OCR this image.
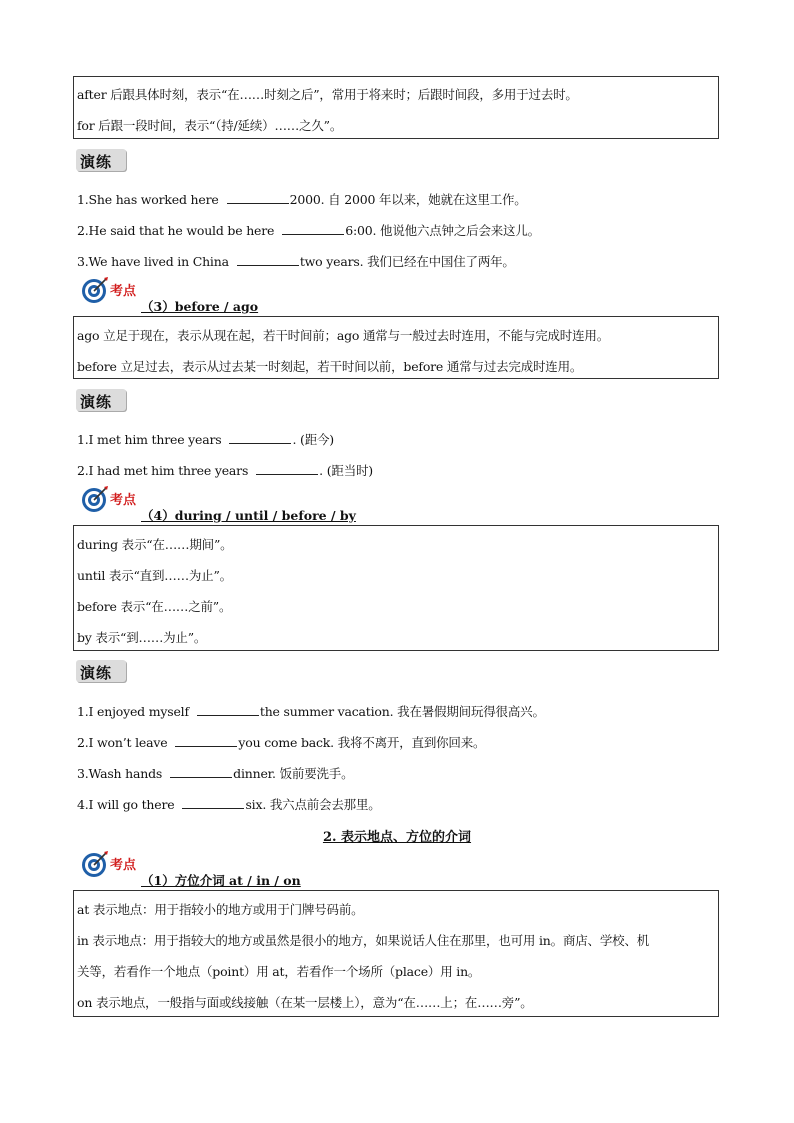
after 后跟具体时刻，表示“在……时刻之后”，常用于将来时；后跟时间段，多用于过去时。
for 后跟一段时间，表示“（持/延续）……之久”。
演练
1.She has worked here	2000. 自 2000 年以来，她就在这里工作。
2.He said that he would be here	6:00. 他说他六点钟之后会来这儿。
3.We have lived in China	two years. 我们已经在中国住了两年。
考点
（3）before / ago
ago 立足于现在，表示从现在起，若干时间前；ago 通常与一般过去时连用，不能与完成时连用。
before 立足过去，表示从过去某一时刻起，若干时间以前，before 通常与过去完成时连用。
演练
1.I met him three years	. (距今)
2.I had met him three years	. (距当时)
考点
（4）during / until / before / by
during 表示“在……期间”。
until 表示“直到……为止”。
before 表示“在……之前”。
by 表示“到……为止”。
演练
1.I enjoyed myself	the summer vacation. 我在暑假期间玩得很高兴。
2.I won’t leave	you come back. 我将不离开，直到你回来。
3.Wash hands	dinner. 饭前要洗手。
4.I will go there	six. 我六点前会去那里。
2. 表示地点、方位的介词
考点
（1）方位介词 at / in / on
at 表示地点：用于指较小的地方或用于门牌号码前。
in 表示地点：用于指较大的地方或虽然是很小的地方，如果说话人住在那里，也可用 in。商店、学校、机
关等，若看作一个地点（point）用 at，若看作一个场所（place）用 in。
on 表示地点，一般指与面或线接触（在某一层楼上），意为“在……上；在……旁”。
